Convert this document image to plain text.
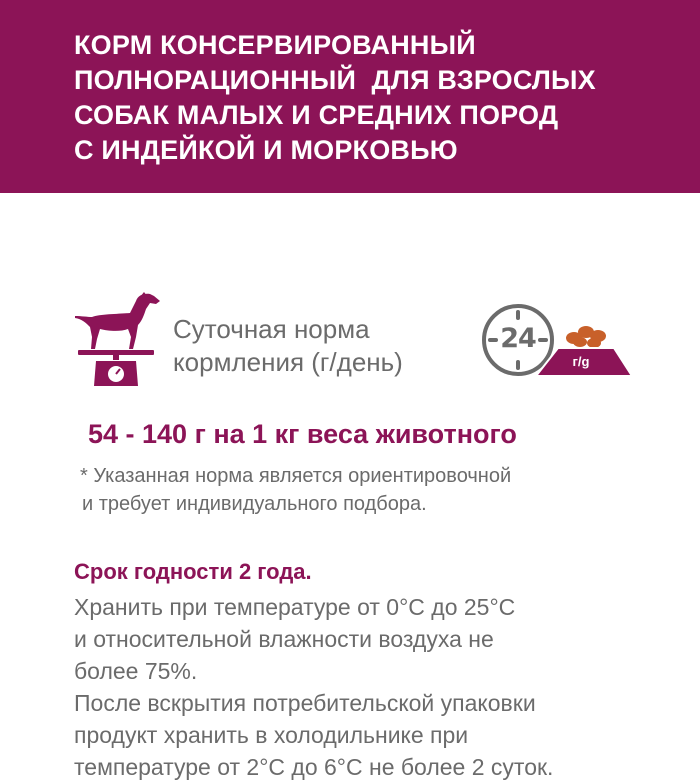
КОРМ КОНСЕРВИРОВАННЫЙ
ПОЛНОРАЦИОННЫЙ  ДЛЯ ВЗРОСЛЫХ
СОБАК МАЛЫХ И СРЕДНИХ ПОРОД
С ИНДЕЙКОЙ И МОРКОВЬЮ
Суточная норма
кормления (г/день)
24
г/g
54 - 140 г на 1 кг веса животного
* Указанная норма является ориентировочной
и требует индивидуального подбора.
Срок годности 2 года.
Хранить при температуре от 0°С до 25°С
и относительной влажности воздуха не
более 75%.
После вскрытия потребительской упаковки
продукт хранить в холодильнике при
температуре от 2°С до 6°С не более 2 суток.
